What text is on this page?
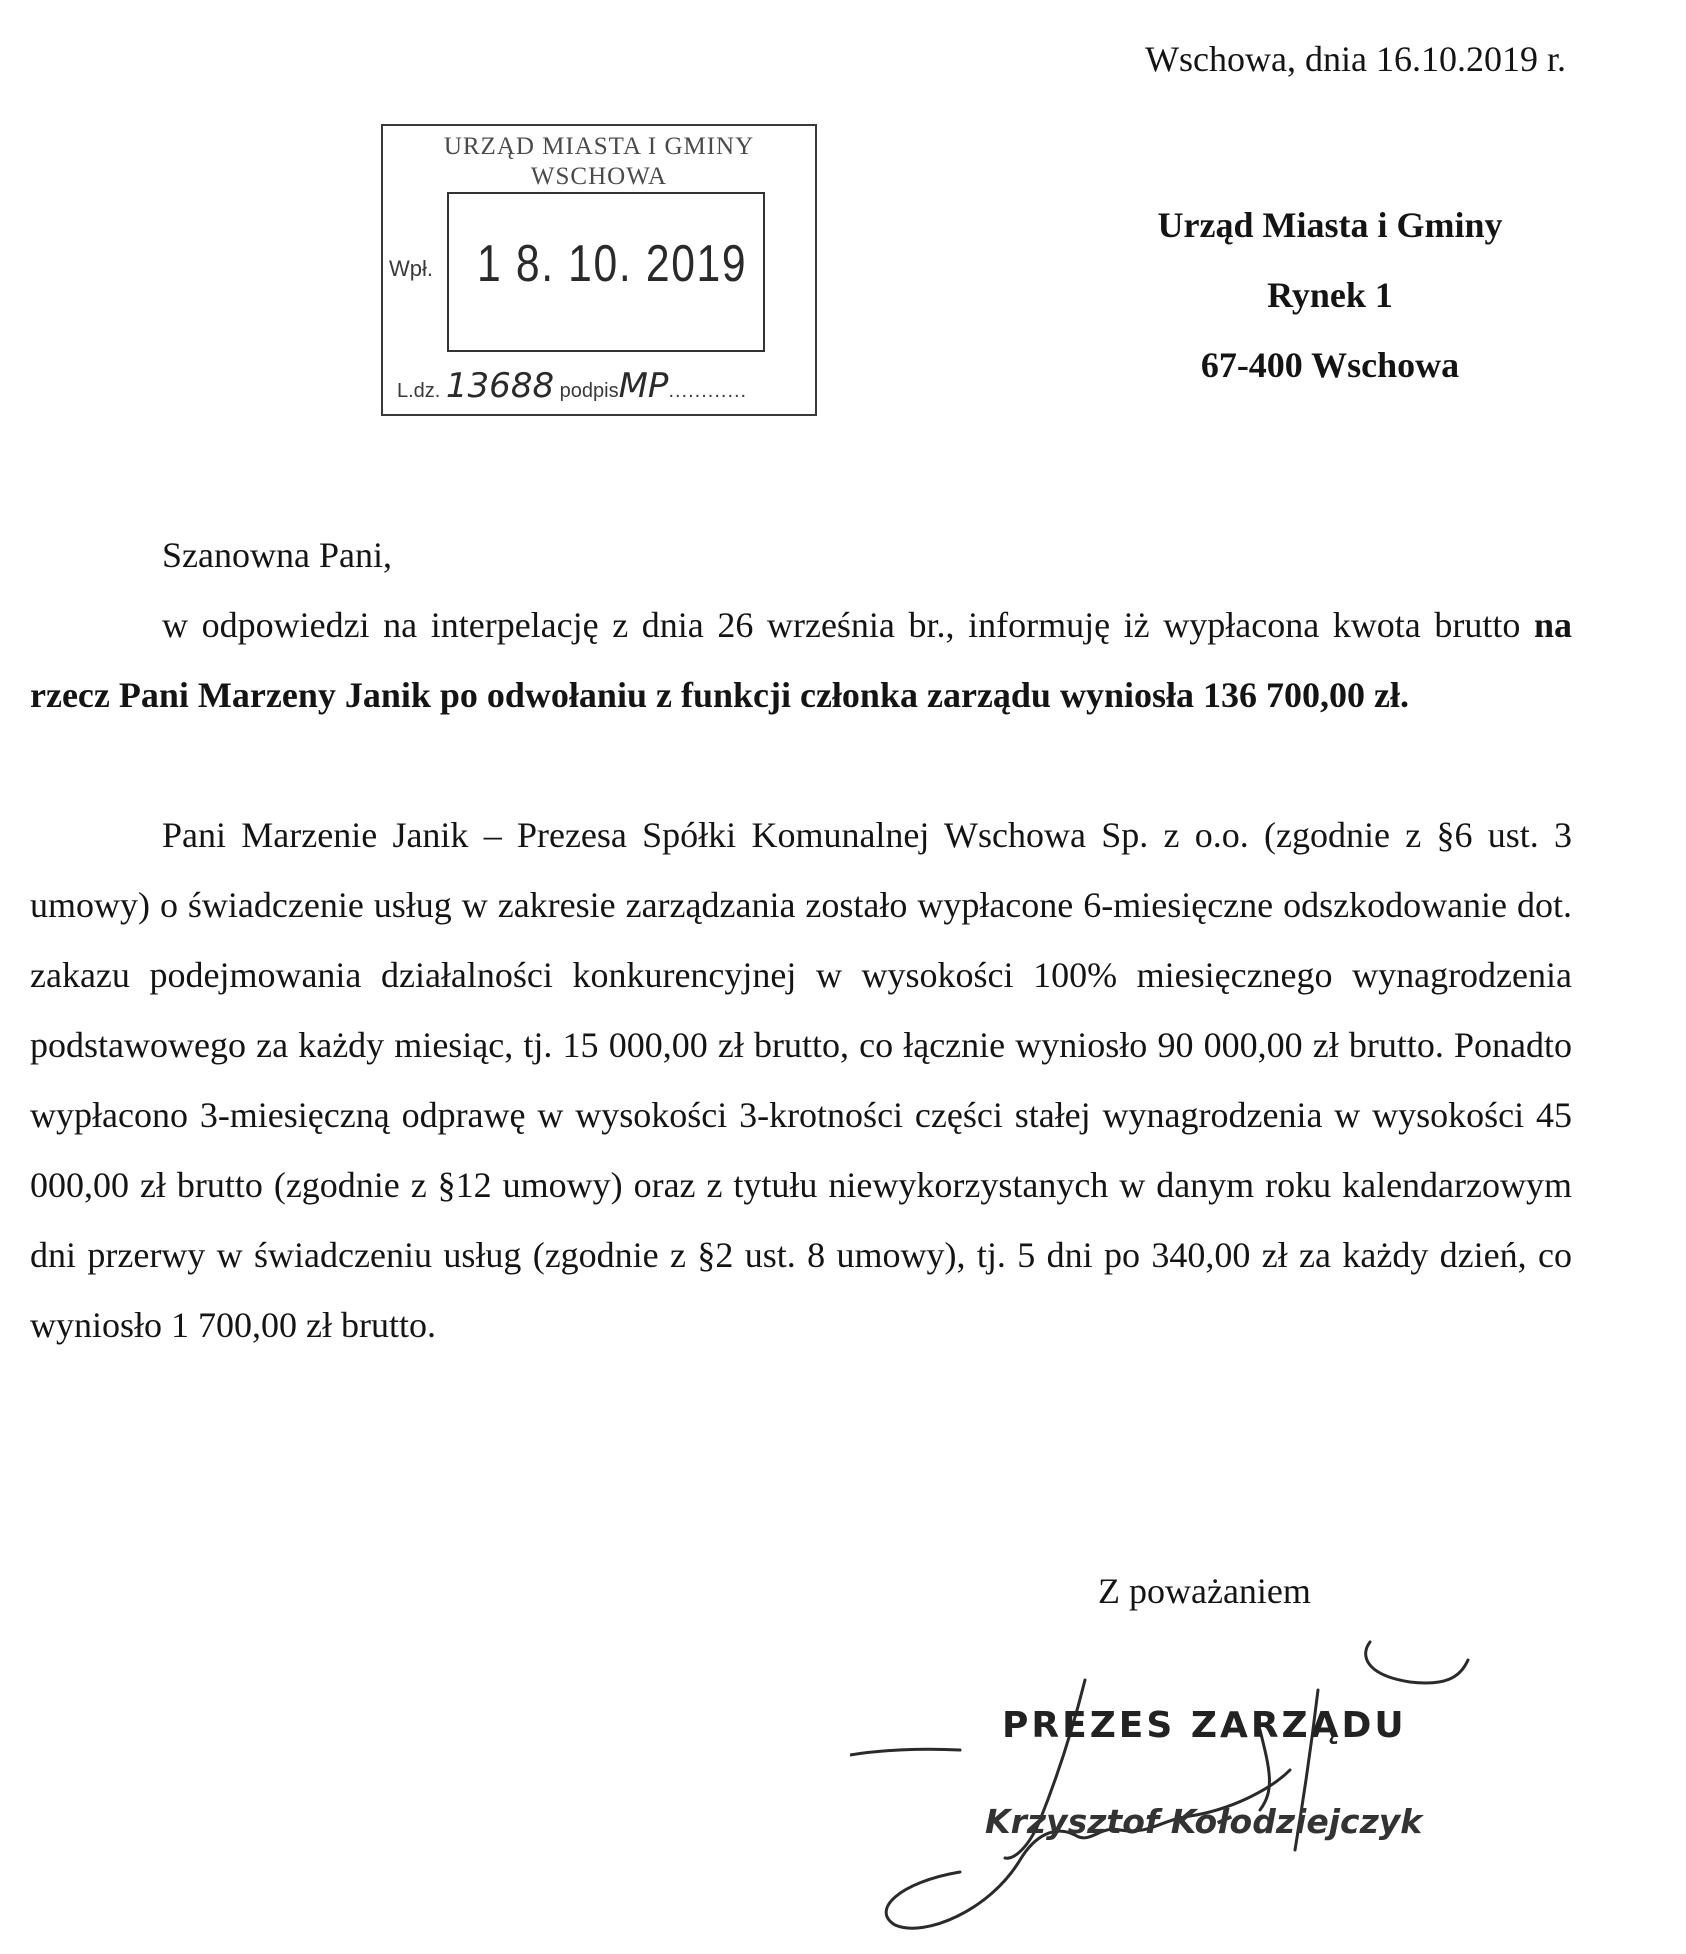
Wschowa, dnia 16.10.2019 r.
URZĄD MIASTA I GMINY
WSCHOWA
Wpł. 1 8. 10. 2019
L.dz. 13688 podpisMP............
Urząd Miasta i Gminy
Rynek 1
67-400 Wschowa

Szanowna Pani,

w odpowiedzi na interpelację z dnia 26 września br., informuję iż wypłacona kwota brutto na rzecz Pani Marzeny Janik po odwołaniu z funkcji członka zarządu wyniosła 136 700,00 zł.

Pani Marzenie Janik – Prezesa Spółki Komunalnej Wschowa Sp. z o.o. (zgodnie z §6 ust. 3 umowy) o świadczenie usług w zakresie zarządzania zostało wypłacone 6-miesięczne odszkodowanie dot. zakazu podejmowania działalności konkurencyjnej w wysokości 100% miesięcznego wynagrodzenia podstawowego za każdy miesiąc, tj. 15 000,00 zł brutto, co łącznie wyniosło 90 000,00 zł brutto. Ponadto wypłacono 3-miesięczną odprawę w wysokości 3-krotności części stałej wynagrodzenia w wysokości 45 000,00 zł brutto (zgodnie z §12 umowy) oraz z tytułu niewykorzystanych w danym roku kalendarzowym dni przerwy w świadczeniu usług (zgodnie z §2 ust. 8 umowy), tj. 5 dni po 340,00 zł za każdy dzień, co wyniosło 1 700,00 zł brutto.

Z poważaniem
PREZES ZARZĄDU
Krzysztof Kołodziejczyk
